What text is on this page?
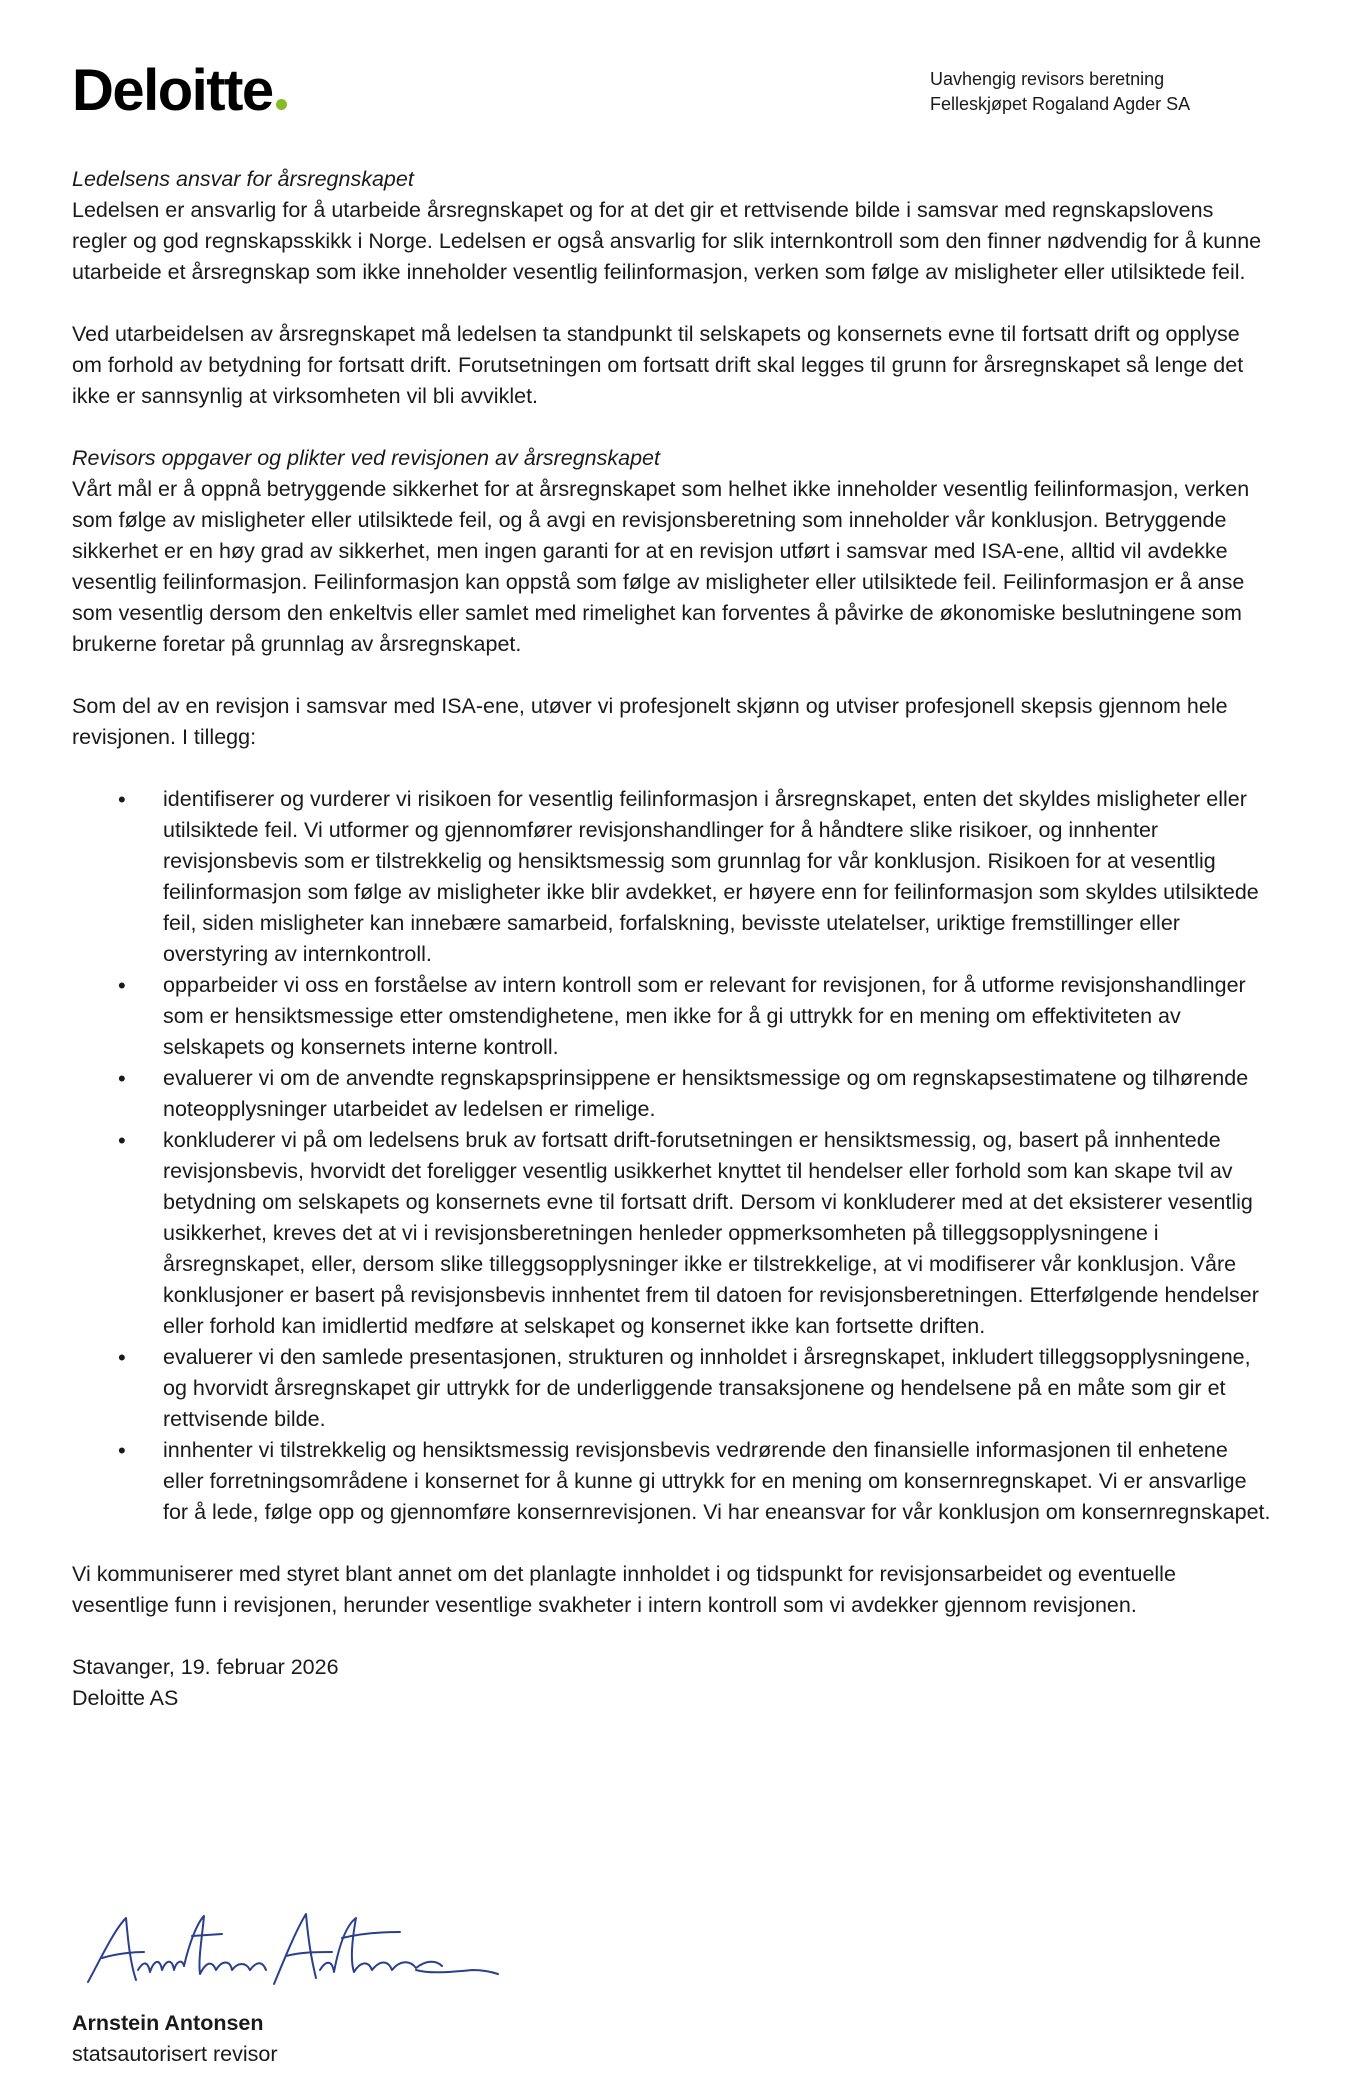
Deloitte	Uavhengig revisors beretning
Felleskjøpet Rogaland Agder SA

Ledelsens ansvar for årsregnskapet

Ledelsen er ansvarlig for å utarbeide årsregnskapet og for at det gir et rettvisende bilde i samsvar med regnskapslovens regler og god regnskapsskikk i Norge. Ledelsen er også ansvarlig for slik internkontroll som den finner nødvendig for å kunne utarbeide et årsregnskap som ikke inneholder vesentlig feilinformasjon, verken som følge av misligheter eller utilsiktede feil.

Ved utarbeidelsen av årsregnskapet må ledelsen ta standpunkt til selskapets og konsernets evne til fortsatt drift og opplyse om forhold av betydning for fortsatt drift. Forutsetningen om fortsatt drift skal legges til grunn for årsregnskapet så lenge det ikke er sannsynlig at virksomheten vil bli avviklet.

Revisors oppgaver og plikter ved revisjonen av årsregnskapet

Vårt mål er å oppnå betryggende sikkerhet for at årsregnskapet som helhet ikke inneholder vesentlig feilinformasjon, verken som følge av misligheter eller utilsiktede feil, og å avgi en revisjonsberetning som inneholder vår konklusjon. Betryggende sikkerhet er en høy grad av sikkerhet, men ingen garanti for at en revisjon utført i samsvar med ISA-ene, alltid vil avdekke vesentlig feilinformasjon. Feilinformasjon kan oppstå som følge av misligheter eller utilsiktede feil. Feilinformasjon er å anse som vesentlig dersom den enkeltvis eller samlet med rimelighet kan forventes å påvirke de økonomiske beslutningene som brukerne foretar på grunnlag av årsregnskapet.

Som del av en revisjon i samsvar med ISA-ene, utøver vi profesjonelt skjønn og utviser profesjonell skepsis gjennom hele revisjonen. I tillegg:

• identifiserer og vurderer vi risikoen for vesentlig feilinformasjon i årsregnskapet, enten det skyldes misligheter eller utilsiktede feil. Vi utformer og gjennomfører revisjonshandlinger for å håndtere slike risikoer, og innhenter revisjonsbevis som er tilstrekkelig og hensiktsmessig som grunnlag for vår konklusjon. Risikoen for at vesentlig feilinformasjon som følge av misligheter ikke blir avdekket, er høyere enn for feilinformasjon som skyldes utilsiktede feil, siden misligheter kan innebære samarbeid, forfalskning, bevisste utelatelser, uriktige fremstillinger eller overstyring av internkontroll.
• opparbeider vi oss en forståelse av intern kontroll som er relevant for revisjonen, for å utforme revisjonshandlinger som er hensiktsmessige etter omstendighetene, men ikke for å gi uttrykk for en mening om effektiviteten av selskapets og konsernets interne kontroll.
• evaluerer vi om de anvendte regnskapsprinsippene er hensiktsmessige og om regnskapsestimatene og tilhørende noteopplysninger utarbeidet av ledelsen er rimelige.
• konkluderer vi på om ledelsens bruk av fortsatt drift-forutsetningen er hensiktsmessig, og, basert på innhentede revisjonsbevis, hvorvidt det foreligger vesentlig usikkerhet knyttet til hendelser eller forhold som kan skape tvil av betydning om selskapets og konsernets evne til fortsatt drift. Dersom vi konkluderer med at det eksisterer vesentlig usikkerhet, kreves det at vi i revisjonsberetningen henleder oppmerksomheten på tilleggsopplysningene i årsregnskapet, eller, dersom slike tilleggsopplysninger ikke er tilstrekkelige, at vi modifiserer vår konklusjon. Våre konklusjoner er basert på revisjonsbevis innhentet frem til datoen for revisjonsberetningen. Etterfølgende hendelser eller forhold kan imidlertid medføre at selskapet og konsernet ikke kan fortsette driften.
• evaluerer vi den samlede presentasjonen, strukturen og innholdet i årsregnskapet, inkludert tilleggsopplysningene, og hvorvidt årsregnskapet gir uttrykk for de underliggende transaksjonene og hendelsene på en måte som gir et rettvisende bilde.
• innhenter vi tilstrekkelig og hensiktsmessig revisjonsbevis vedrørende den finansielle informasjonen til enhetene eller forretningsområdene i konsernet for å kunne gi uttrykk for en mening om konsernregnskapet. Vi er ansvarlige for å lede, følge opp og gjennomføre konsernrevisjonen. Vi har eneansvar for vår konklusjon om konsernregnskapet.

Vi kommuniserer med styret blant annet om det planlagte innholdet i og tidspunkt for revisjonsarbeidet og eventuelle vesentlige funn i revisjonen, herunder vesentlige svakheter i intern kontroll som vi avdekker gjennom revisjonen.

Stavanger, 19. februar 2026

Deloitte AS

Arnstein Antonsen
statsautorisert revisor
